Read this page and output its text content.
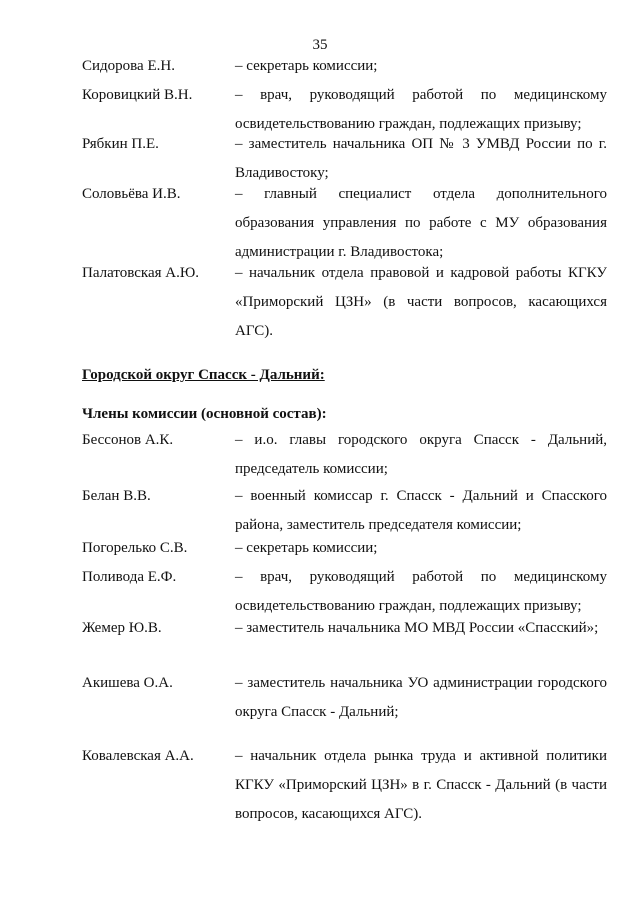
35
Сидорова Е.Н.	– секретарь комиссии;
Коровицкий В.Н.	– врач, руководящий работой по медицинскому освидетельствованию граждан, подлежащих призыву;
Рябкин П.Е.	– заместитель начальника ОП № 3 УМВД России по г. Владивостоку;
Соловьёва И.В.	– главный специалист отдела дополнительного образования управления по работе с МУ образования администрации г. Владивостока;
Палатовская А.Ю.	– начальник отдела правовой и кадровой работы КГКУ «Приморский ЦЗН» (в части вопросов, касающихся АГС).
Городской округ Спасск - Дальний:
Члены комиссии (основной состав):
Бессонов А.К.	– и.о. главы городского округа Спасск - Дальний, председатель комиссии;
Белан В.В.	– военный комиссар г. Спасск - Дальний и Спасского района, заместитель председателя комиссии;
Погорелько С.В.	– секретарь комиссии;
Поливода Е.Ф.	– врач, руководящий работой по медицинскому освидетельствованию граждан, подлежащих призыву;
Жемер Ю.В.	– заместитель начальника МО МВД России «Спасский»;
Акишева О.А.	– заместитель начальника УО администрации городского округа Спасск - Дальний;
Ковалевская А.А.	– начальник отдела рынка труда и активной политики КГКУ «Приморский ЦЗН» в г. Спасск - Дальний (в части вопросов, касающихся АГС).
